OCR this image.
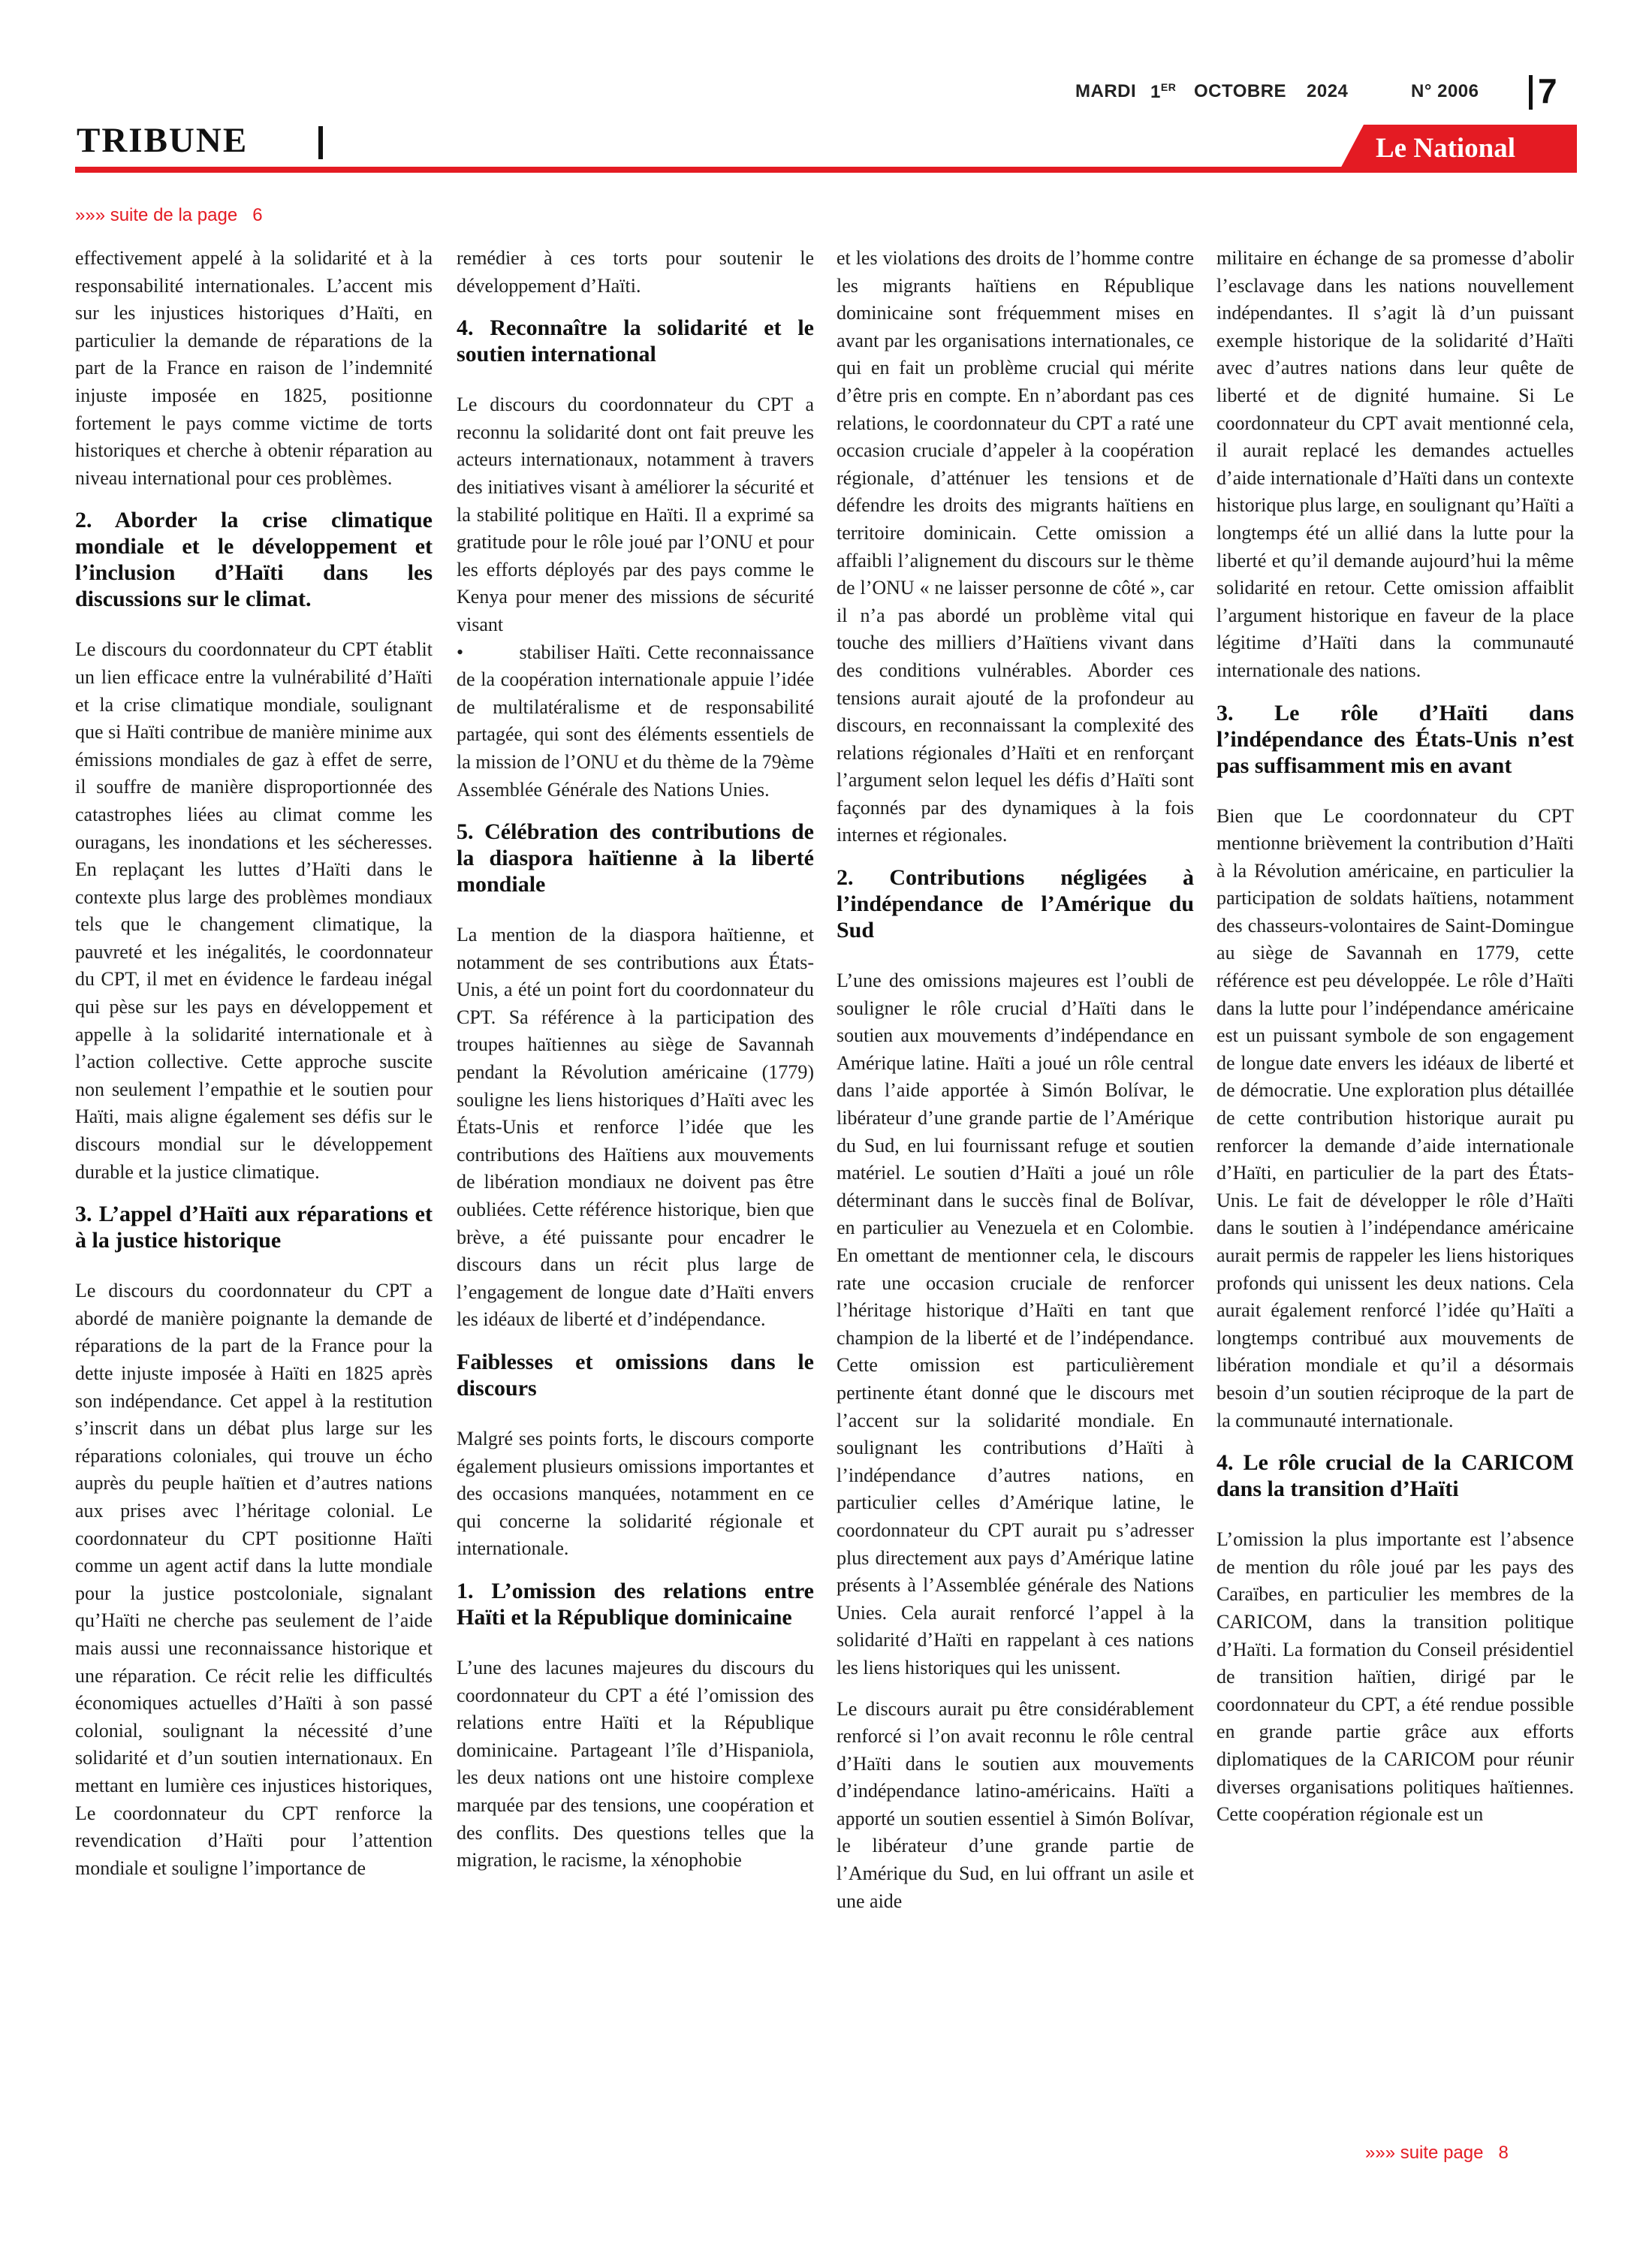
MARDI 1ER OCTOBRE 2024	N° 2006 7
TRIBUNE	Le National
»»» suite de la page 6

effectivement appelé à la solidarité et à la responsabilité internationales. L’accent mis sur les injustices historiques d’Haïti, en particulier la demande de réparations de la part de la France en raison de l’indemnité injuste imposée en 1825, positionne fortement le pays comme victime de torts historiques et cherche à obtenir réparation au niveau international pour ces problèmes.

2. Aborder la crise climatique mondiale et le développement et l’inclusion d’Haïti dans les discussions sur le climat.

Le discours du coordonnateur du CPT établit un lien efficace entre la vulnérabilité d’Haïti et la crise climatique mondiale, soulignant que si Haïti contribue de manière minime aux émissions mondiales de gaz à effet de serre, il souffre de manière disproportionnée des catastrophes liées au climat comme les ouragans, les inondations et les sécheresses. En replaçant les luttes d’Haïti dans le contexte plus large des problèmes mondiaux tels que le changement climatique, la pauvreté et les inégalités, le coordonnateur du CPT, il met en évidence le fardeau inégal qui pèse sur les pays en développement et appelle à la solidarité internationale et à l’action collective. Cette approche suscite non seulement l’empathie et le soutien pour Haïti, mais aligne également ses défis sur le discours mondial sur le développement durable et la justice climatique.

3. L’appel d’Haïti aux réparations et à la justice historique

Le discours du coordonnateur du CPT a abordé de manière poignante la demande de réparations de la part de la France pour la dette injuste imposée à Haïti en 1825 après son indépendance. Cet appel à la restitution s’inscrit dans un débat plus large sur les réparations coloniales, qui trouve un écho auprès du peuple haïtien et d’autres nations aux prises avec l’héritage colonial. Le coordonnateur du CPT positionne Haïti comme un agent actif dans la lutte mondiale pour la justice postcoloniale, signalant qu’Haïti ne cherche pas seulement de l’aide mais aussi une reconnaissance historique et une réparation. Ce récit relie les difficultés économiques actuelles d’Haïti à son passé colonial, soulignant la nécessité d’une solidarité et d’un soutien internationaux. En mettant en lumière ces injustices historiques, Le coordonnateur du CPT renforce la revendication d’Haïti pour l’attention mondiale et souligne l’importance de

remédier à ces torts pour soutenir le développement d’Haïti.

4. Reconnaître la solidarité et le soutien international

Le discours du coordonnateur du CPT a reconnu la solidarité dont ont fait preuve les acteurs internationaux, notamment à travers des initiatives visant à améliorer la sécurité et la stabilité politique en Haïti. Il a exprimé sa gratitude pour le rôle joué par l’ONU et pour les efforts déployés par des pays comme le Kenya pour mener des missions de sécurité visant

•        stabiliser Haïti. Cette reconnaissance de la coopération internationale appuie l’idée de multilatéralisme et de responsabilité partagée, qui sont des éléments essentiels de la mission de l’ONU et du thème de la 79ème Assemblée Générale des Nations Unies.

5. Célébration des contributions de la diaspora haïtienne à la liberté mondiale

La mention de la diaspora haïtienne, et notamment de ses contributions aux États-Unis, a été un point fort du coordonnateur du CPT. Sa référence à la participation des troupes haïtiennes au siège de Savannah pendant la Révolution américaine (1779) souligne les liens historiques d’Haïti avec les États-Unis et renforce l’idée que les contributions des Haïtiens aux mouvements de libération mondiaux ne doivent pas être oubliées. Cette référence historique, bien que brève, a été puissante pour encadrer le discours dans un récit plus large de l’engagement de longue date d’Haïti envers les idéaux de liberté et d’indépendance.

Faiblesses et omissions dans le discours

Malgré ses points forts, le discours comporte également plusieurs omissions importantes et des occasions manquées, notamment en ce qui concerne la solidarité régionale et internationale.

1. L’omission des relations entre Haïti et la République dominicaine

L’une des lacunes majeures du discours du coordonnateur du CPT a été l’omission des relations entre Haïti et la République dominicaine. Partageant l’île d’Hispaniola, les deux nations ont une histoire complexe marquée par des tensions, une coopération et des conflits. Des questions telles que la migration, le racisme, la xénophobie

et les violations des droits de l’homme contre les migrants haïtiens en République dominicaine sont fréquemment mises en avant par les organisations internationales, ce qui en fait un problème crucial qui mérite d’être pris en compte. En n’abordant pas ces relations, le coordonnateur du CPT a raté une occasion cruciale d’appeler à la coopération régionale, d’atténuer les tensions et de défendre les droits des migrants haïtiens en territoire dominicain. Cette omission a affaibli l’alignement du discours sur le thème de l’ONU « ne laisser personne de côté », car il n’a pas abordé un problème vital qui touche des milliers d’Haïtiens vivant dans des conditions vulnérables. Aborder ces tensions aurait ajouté de la profondeur au discours, en reconnaissant la complexité des relations régionales d’Haïti et en renforçant l’argument selon lequel les défis d’Haïti sont façonnés par des dynamiques à la fois internes et régionales.

2. Contributions négligées à l’indépendance de l’Amérique du Sud

L’une des omissions majeures est l’oubli de souligner le rôle crucial d’Haïti dans le soutien aux mouvements d’indépendance en Amérique latine. Haïti a joué un rôle central dans l’aide apportée à Simón Bolívar, le libérateur d’une grande partie de l’Amérique du Sud, en lui fournissant refuge et soutien matériel. Le soutien d’Haïti a joué un rôle déterminant dans le succès final de Bolívar, en particulier au Venezuela et en Colombie. En omettant de mentionner cela, le discours rate une occasion cruciale de renforcer l’héritage historique d’Haïti en tant que champion de la liberté et de l’indépendance. Cette omission est particulièrement pertinente étant donné que le discours met l’accent sur la solidarité mondiale. En soulignant les contributions d’Haïti à l’indépendance d’autres nations, en particulier celles d’Amérique latine, le coordonnateur du CPT aurait pu s’adresser plus directement aux pays d’Amérique latine présents à l’Assemblée générale des Nations Unies. Cela aurait renforcé l’appel à la solidarité d’Haïti en rappelant à ces nations les liens historiques qui les unissent.

Le discours aurait pu être considérablement renforcé si l’on avait reconnu le rôle central d’Haïti dans le soutien aux mouvements d’indépendance latino-américains. Haïti a apporté un soutien essentiel à Simón Bolívar, le libérateur d’une grande partie de l’Amérique du Sud, en lui offrant un asile et une aide

militaire en échange de sa promesse d’abolir l’esclavage dans les nations nouvellement indépendantes. Il s’agit là d’un puissant exemple historique de la solidarité d’Haïti avec d’autres nations dans leur quête de liberté et de dignité humaine. Si Le coordonnateur du CPT avait mentionné cela, il aurait replacé les demandes actuelles d’aide internationale d’Haïti dans un contexte historique plus large, en soulignant qu’Haïti a longtemps été un allié dans la lutte pour la liberté et qu’il demande aujourd’hui la même solidarité en retour. Cette omission affaiblit l’argument historique en faveur de la place légitime d’Haïti dans la communauté internationale des nations.

3. Le rôle d’Haïti dans l’indépendance des États-Unis n’est pas suffisamment mis en avant

Bien que Le coordonnateur du CPT mentionne brièvement la contribution d’Haïti à la Révolution américaine, en particulier la participation de soldats haïtiens, notamment des chasseurs-volontaires de Saint-Domingue au siège de Savannah en 1779, cette référence est peu développée. Le rôle d’Haïti dans la lutte pour l’indépendance américaine est un puissant symbole de son engagement de longue date envers les idéaux de liberté et de démocratie. Une exploration plus détaillée de cette contribution historique aurait pu renforcer la demande d’aide internationale d’Haïti, en particulier de la part des États-Unis. Le fait de développer le rôle d’Haïti dans le soutien à l’indépendance américaine aurait permis de rappeler les liens historiques profonds qui unissent les deux nations. Cela aurait également renforcé l’idée qu’Haïti a longtemps contribué aux mouvements de libération mondiale et qu’il a désormais besoin d’un soutien réciproque de la part de la communauté internationale.

4. Le rôle crucial de la CARICOM dans la transition d’Haïti

L’omission la plus importante est l’absence de mention du rôle joué par les pays des Caraïbes, en particulier les membres de la CARICOM, dans la transition politique d’Haïti. La formation du Conseil présidentiel de transition haïtien, dirigé par le coordonnateur du CPT, a été rendue possible en grande partie grâce aux efforts diplomatiques de la CARICOM pour réunir diverses organisations politiques haïtiennes. Cette coopération régionale est un

»»» suite page 8
